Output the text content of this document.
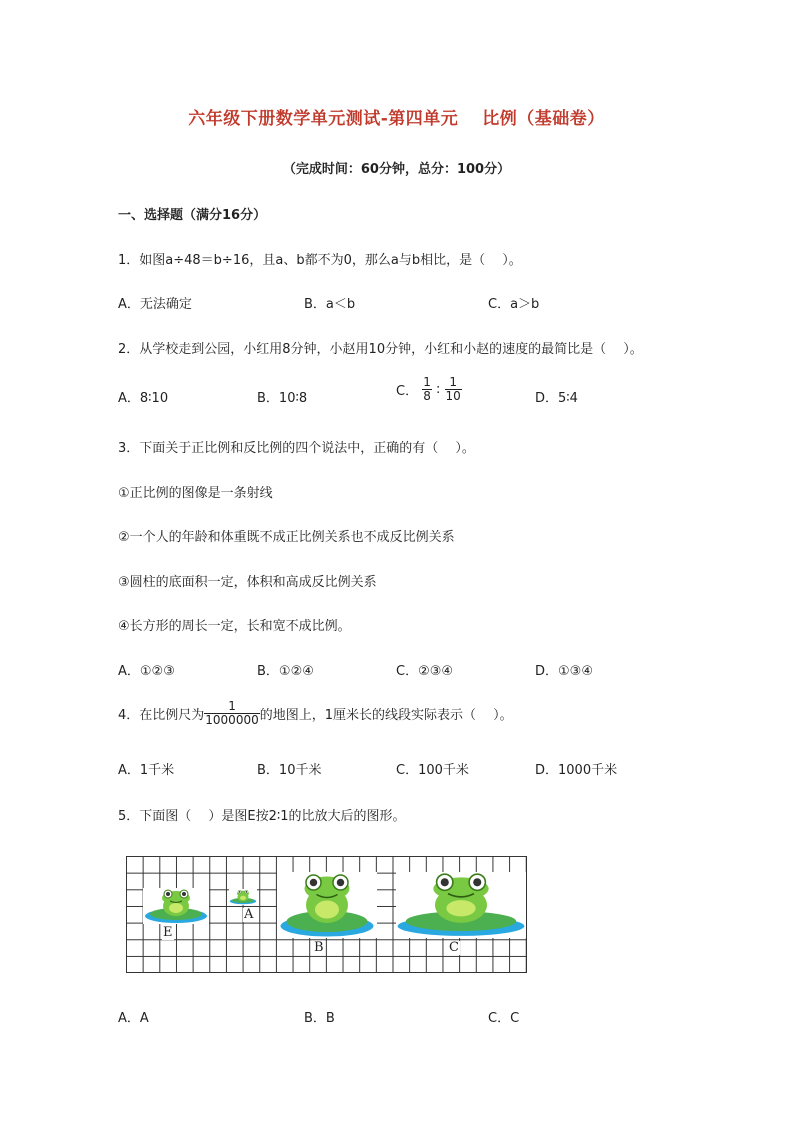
六年级下册数学单元测试-第四单元　 比例（基础卷）
（完成时间：60分钟，总分：100分）
一、选择题（满分16分）
1．如图a÷48＝b÷16，且a、b都不为0，那么a与b相比，是（　 ）。
A．无法确定	B．a＜b	C．a＞b
2．从学校走到公园，小红用8分钟，小赵用10分钟，小红和小赵的速度的最简比是（　 ）。
A．8∶10	B．10∶8	C． $\frac{1}{8}$ : $\frac{1}{10}$	D．5∶4
3．下面关于正比例和反比例的四个说法中，正确的有（　 ）。
①正比例的图像是一条射线
②一个人的年龄和体重既不成正比例关系也不成反比例关系
③圆柱的底面积一定，体积和高成反比例关系
④长方形的周长一定，长和宽不成比例。
A．①②③	B．①②④	C．②③④	D．①③④
4．在比例尺为 $\frac{1}{1000000}$ 的地图上，1厘米长的线段实际表示（　 ）。
A．1千米	B．10千米	C．100千米	D．1000千米
5．下面图（　 ）是图E按2∶1的比放大后的图形。
E
A
B	C
A．A	B．B	C．C
